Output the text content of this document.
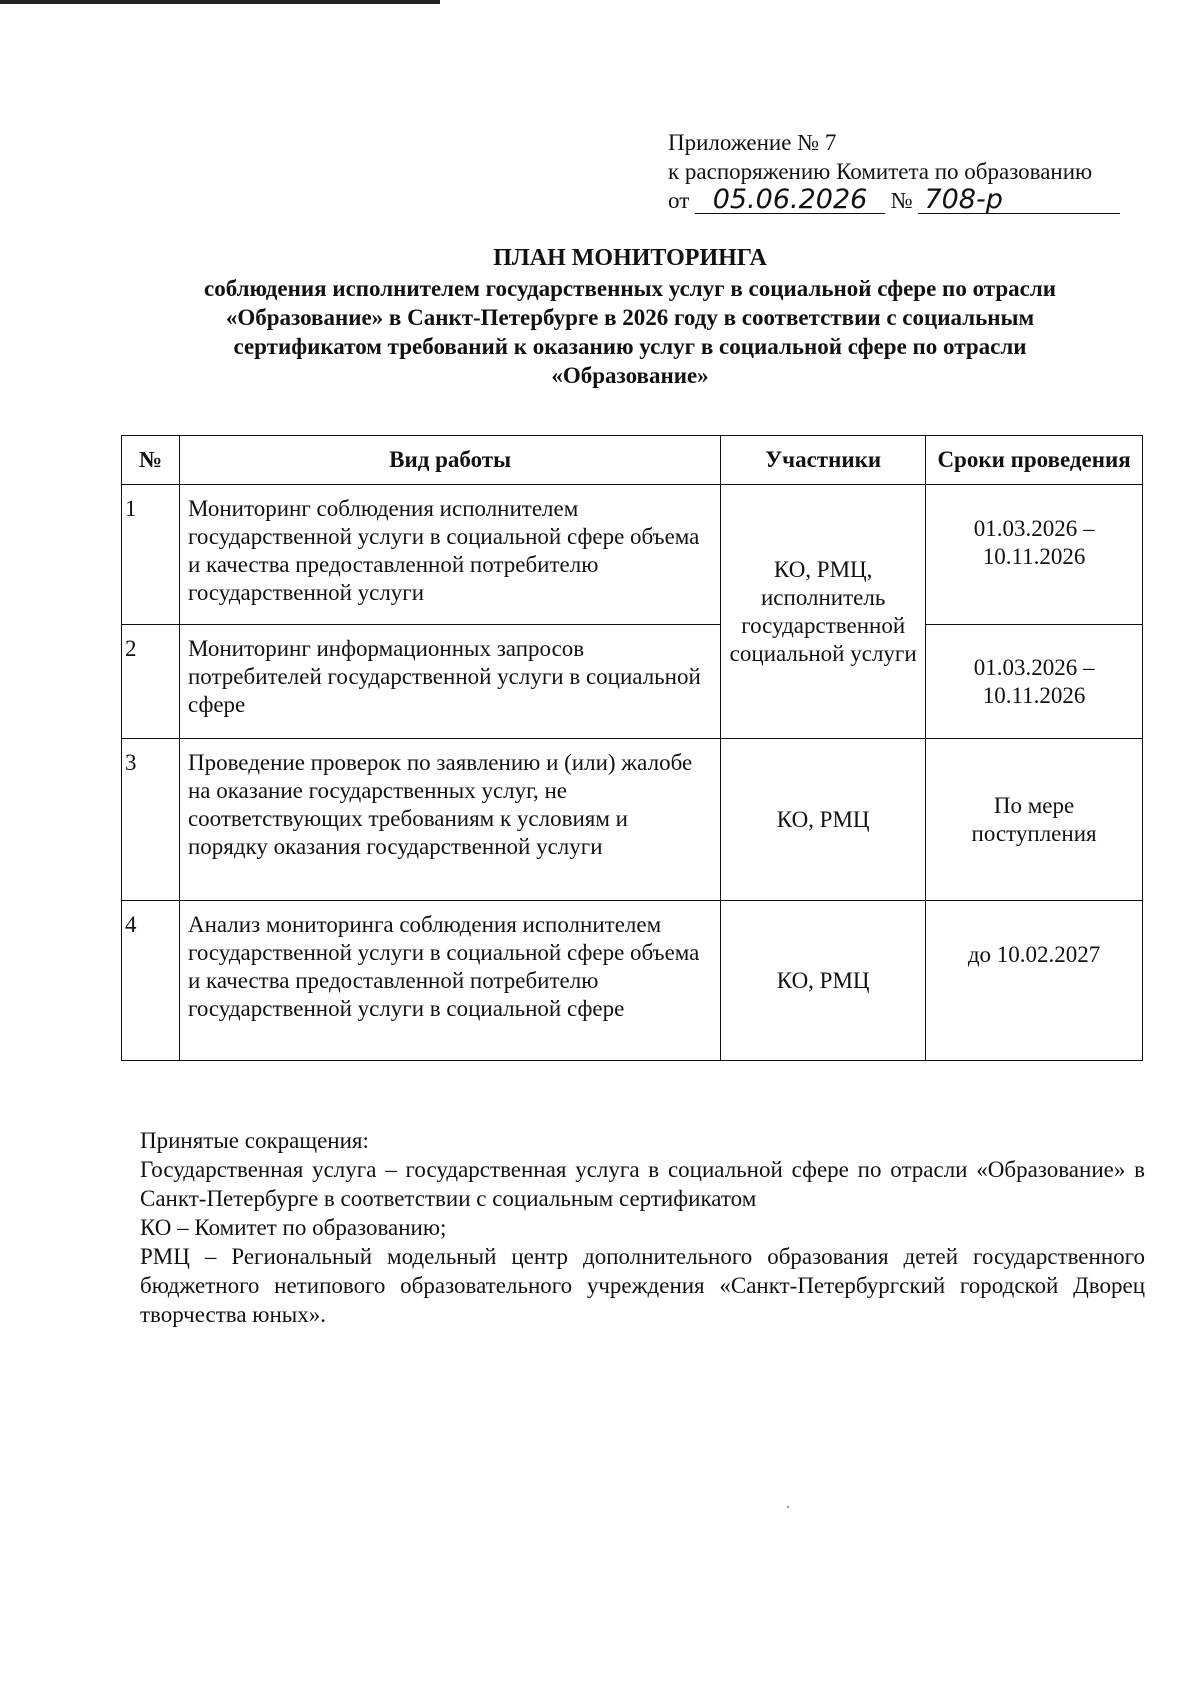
Приложение № 7
к распоряжению Комитета по образованию
от 05.06.2026 № 708-р
ПЛАН МОНИТОРИНГА
соблюдения исполнителем государственных услуг в социальной сфере по отрасли
«Образование» в Санкт-Петербурге в 2026 году в соответствии с социальным
сертификатом требований к оказанию услуг в социальной сфере по отрасли
«Образование»
№	Вид работы	Участники	Сроки проведения
1	Мониторинг соблюдения исполнителем государственной услуги в социальной сфере объема и качества предоставленной потребителю государственной услуги	КО, РМЦ, исполнитель государственной социальной услуги	01.03.2026 – 10.11.2026
2	Мониторинг информационных запросов потребителей государственной услуги в социальной сфере		01.03.2026 – 10.11.2026
3	Проведение проверок по заявлению и (или) жалобе на оказание государственных услуг, не соответствующих требованиям к условиям и порядку оказания государственной услуги	КО, РМЦ	По мере поступления
4	Анализ мониторинга соблюдения исполнителем государственной услуги в социальной сфере объема и качества предоставленной потребителю государственной услуги в социальной сфере	КО, РМЦ	до 10.02.2027

Принятые сокращения:

Государственная услуга – государственная услуга в социальной сфере по отрасли «Образование» в Санкт-Петербурге в соответствии с социальным сертификатом

КО – Комитет по образованию;

РМЦ – Региональный модельный центр дополнительного образования детей государственного бюджетного нетипового образовательного учреждения «Санкт-Петербургский городской Дворец творчества юных».
